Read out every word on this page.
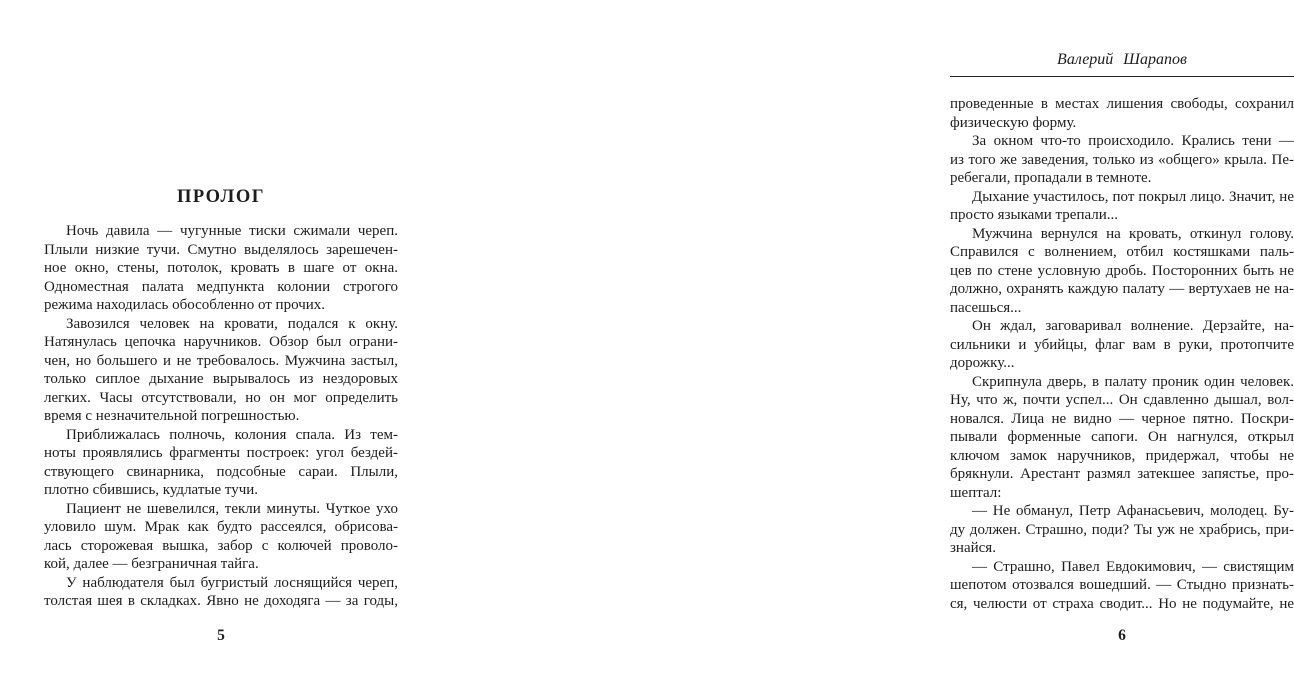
ПРОЛОГ
Ночь давила — чугунные тиски сжимали череп.
Плыли низкие тучи. Смутно выделялось зарешечен-
ное окно, стены, потолок, кровать в шаге от окна.
Одноместная палата медпункта колонии строгого
режима находилась обособленно от прочих.
Завозился человек на кровати, подался к окну.
Натянулась цепочка наручников. Обзор был ограни-
чен, но большего и не требовалось. Мужчина застыл,
только сиплое дыхание вырывалось из нездоровых
легких. Часы отсутствовали, но он мог определить
время с незначительной погрешностью.
Приближалась полночь, колония спала. Из тем-
ноты проявлялись фрагменты построек: угол бездей-
ствующего свинарника, подсобные сараи. Плыли,
плотно сбившись, кудлатые тучи.
Пациент не шевелился, текли минуты. Чуткое ухо
уловило шум. Мрак как будто рассеялся, обрисова-
лась сторожевая вышка, забор с колючей проволо-
кой, далее — безграничная тайга.
У наблюдателя был бугристый лоснящийся череп,
толстая шея в складках. Явно не доходяга — за годы,
5
Валерий Шарапов
проведенные в местах лишения свободы, сохранил
физическую форму.
За окном что-то происходило. Крались тени —
из того же заведения, только из «общего» крыла. Пе-
ребегали, пропадали в темноте.
Дыхание участилось, пот покрыл лицо. Значит, не
просто языками трепали...
Мужчина вернулся на кровать, откинул голову.
Справился с волнением, отбил костяшками паль-
цев по стене условную дробь. Посторонних быть не
должно, охранять каждую палату — вертухаев не на-
пасешься...
Он ждал, заговаривал волнение. Дерзайте, на-
сильники и убийцы, флаг вам в руки, протопчите
дорожку...
Скрипнула дверь, в палату проник один человек.
Ну, что ж, почти успел... Он сдавленно дышал, вол-
новался. Лица не видно — черное пятно. Поскри-
пывали форменные сапоги. Он нагнулся, открыл
ключом замок наручников, придержал, чтобы не
брякнули. Арестант размял затекшее запястье, про-
шептал:
— Не обманул, Петр Афанасьевич, молодец. Бу-
ду должен. Страшно, поди? Ты уж не храбрись, при-
знайся.
— Страшно, Павел Евдокимович, — свистящим
шепотом отозвался вошедший. — Стыдно признать-
ся, челюсти от страха сводит... Но не подумайте, не
6
